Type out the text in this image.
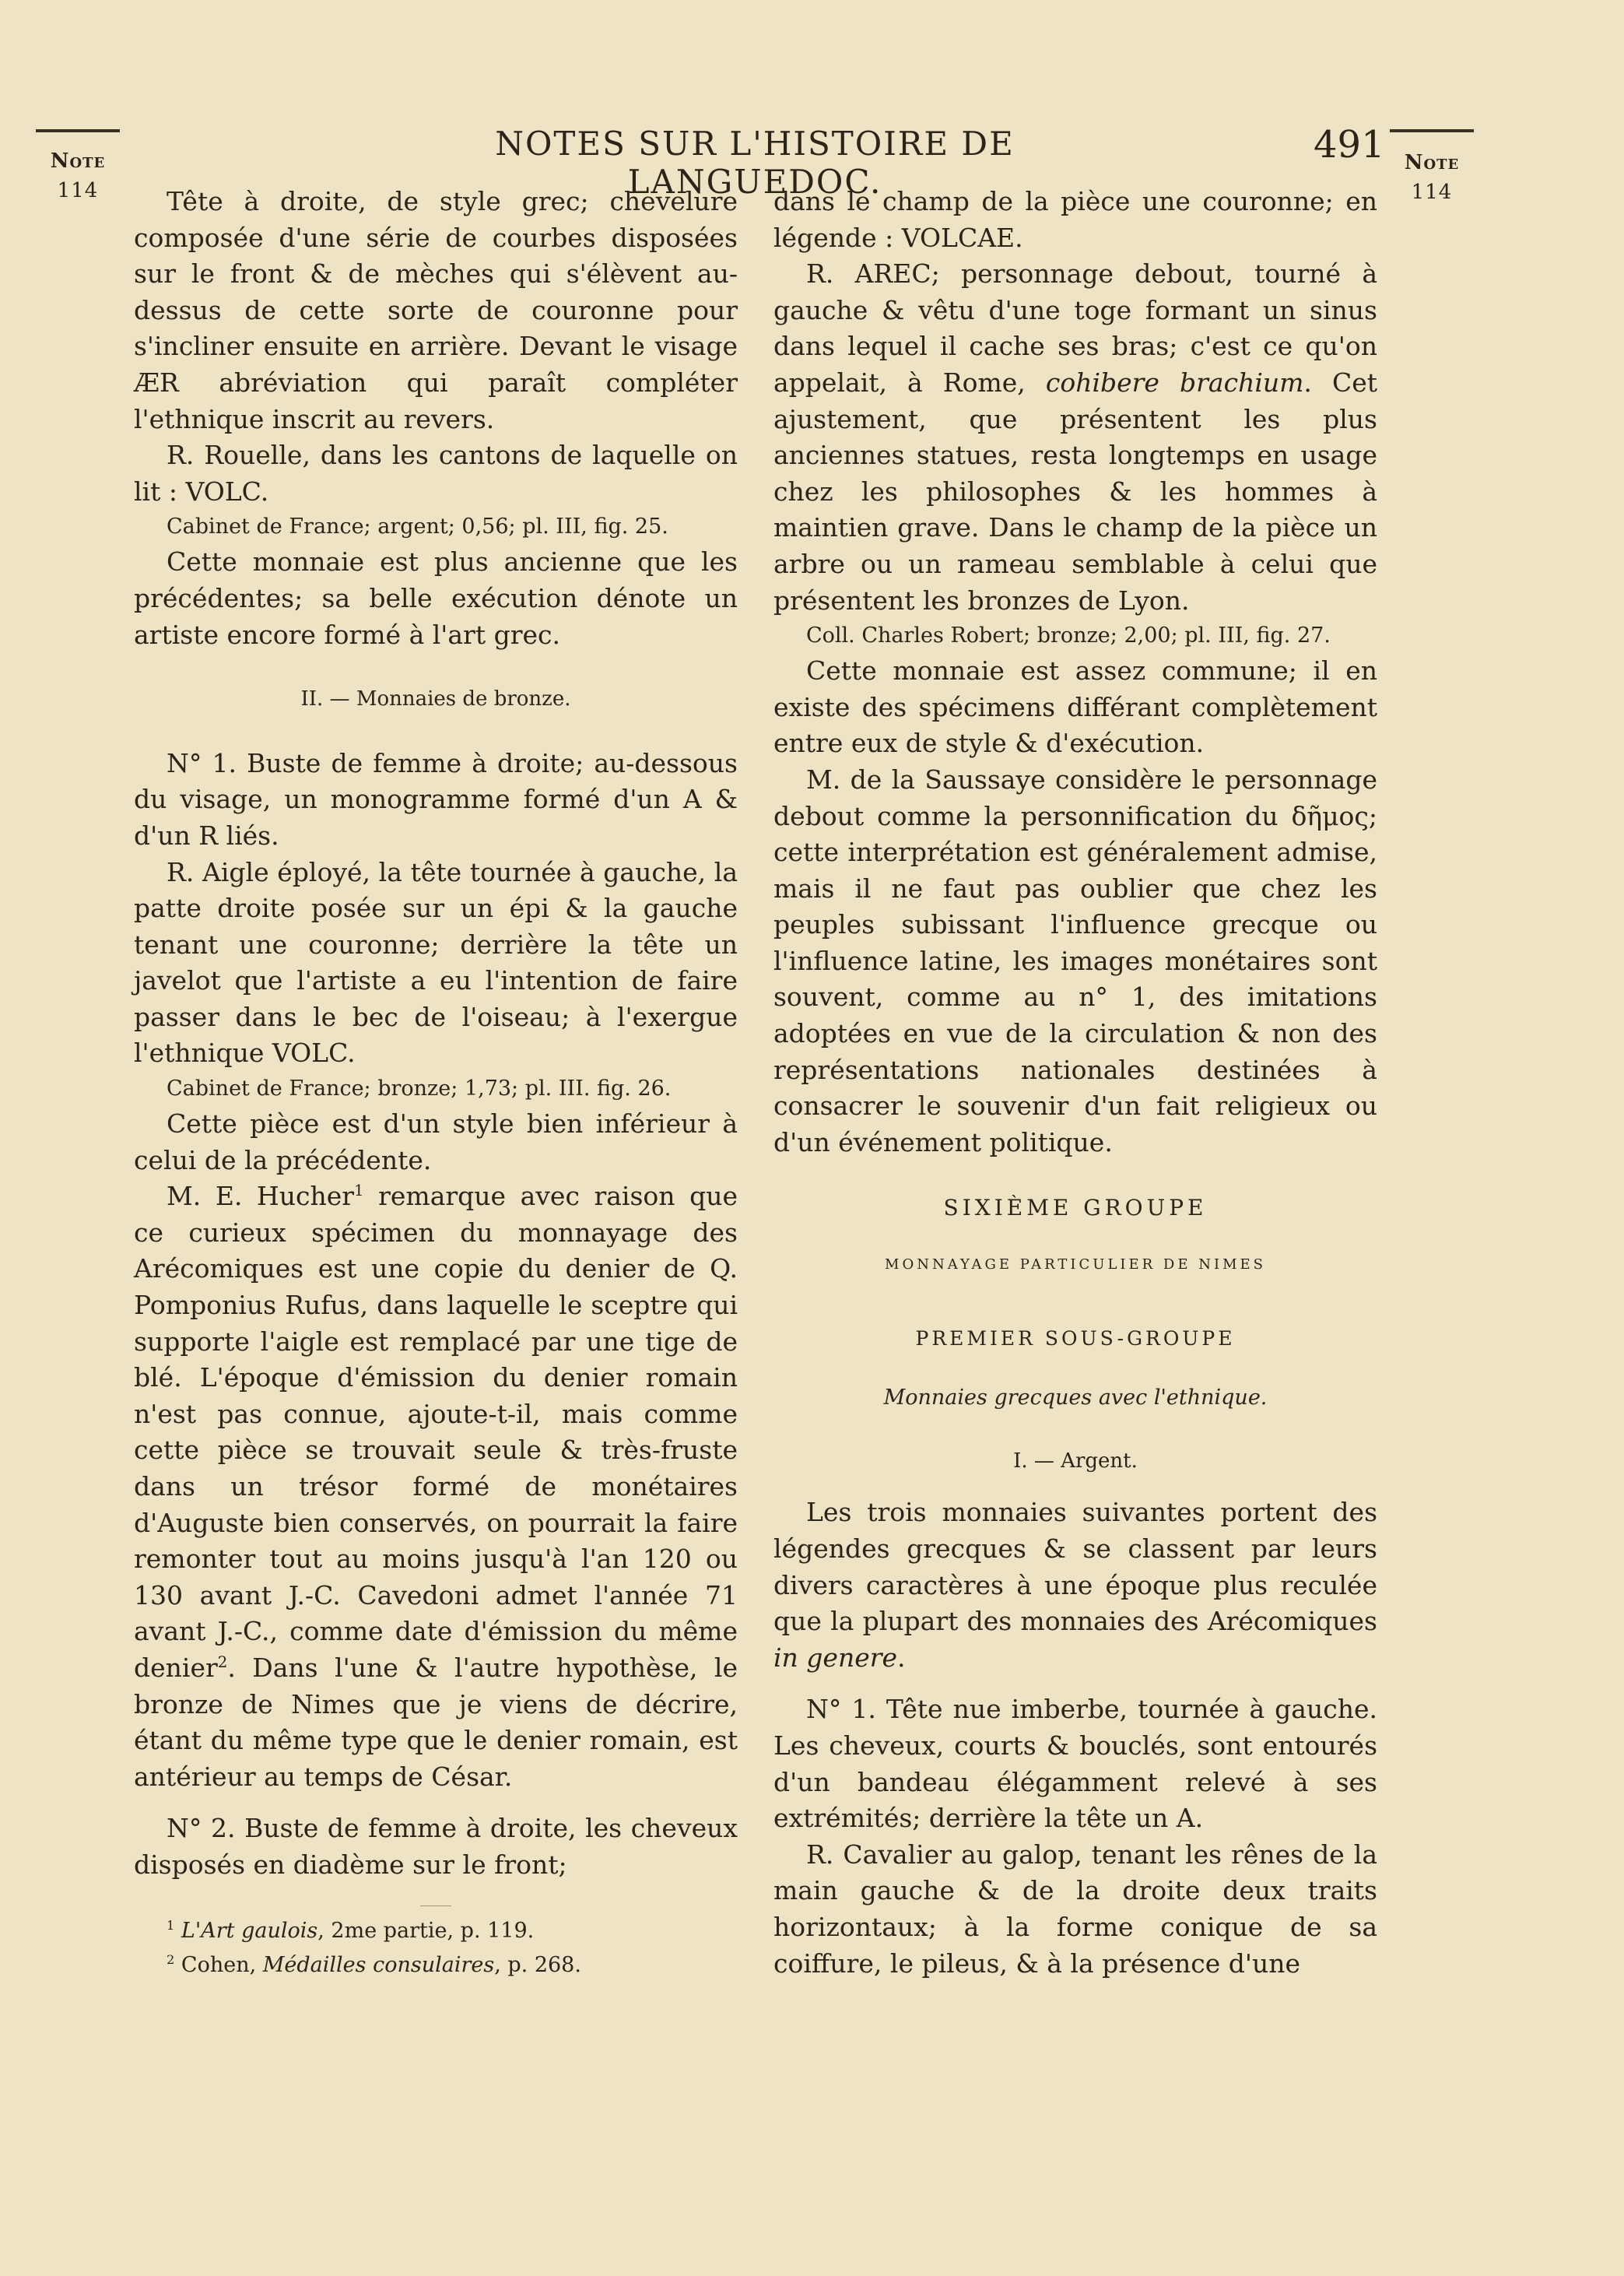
Note
114
NOTES SUR L'HISTOIRE DE LANGUEDOC.
491 Note
114

Tête à droite, de style grec; chevelure composée d'une série de courbes disposées sur le front & de mèches qui s'élèvent au-dessus de cette sorte de couronne pour s'incliner ensuite en arrière. Devant le visage ÆR abréviation qui paraît compléter l'ethnique inscrit au revers.

R. Rouelle, dans les cantons de laquelle on lit : VOLC.

Cabinet de France; argent; 0,56; pl. III, fig. 25.

Cette monnaie est plus ancienne que les précédentes; sa belle exécution dénote un artiste encore formé à l'art grec.

II. — Monnaies de bronze.

N° 1. Buste de femme à droite; au-dessous du visage, un monogramme formé d'un A & d'un R liés.

R. Aigle éployé, la tête tournée à gauche, la patte droite posée sur un épi & la gauche tenant une couronne; derrière la tête un javelot que l'artiste a eu l'intention de faire passer dans le bec de l'oiseau; à l'exergue l'ethnique VOLC.

Cabinet de France; bronze; 1,73; pl. III. fig. 26.

Cette pièce est d'un style bien inférieur à celui de la précédente.

M. E. Hucher$^1$ remarque avec raison que ce curieux spécimen du monnayage des Arécomiques est une copie du denier de Q. Pomponius Rufus, dans laquelle le sceptre qui supporte l'aigle est remplacé par une tige de blé. L'époque d'émission du denier romain n'est pas connue, ajoute-t-il, mais comme cette pièce se trouvait seule & très-fruste dans un trésor formé de monétaires d'Auguste bien conservés, on pourrait la faire remonter tout au moins jusqu'à l'an 120 ou 130 avant J.-C. Cavedoni admet l'année 71 avant J.-C., comme date d'émission du même denier$^2$. Dans l'une & l'autre hypothèse, le bronze de Nimes que je viens de décrire, étant du même type que le denier romain, est antérieur au temps de César.

N° 2. Buste de femme à droite, les cheveux disposés en diadème sur le front;

$^1$ L'Art gaulois, 2me partie, p. 119.

$^2$ Cohen, Médailles consulaires, p. 268.

dans le champ de la pièce une couronne; en légende : VOLCAE.

R. AREC; personnage debout, tourné à gauche & vêtu d'une toge formant un sinus dans lequel il cache ses bras; c'est ce qu'on appelait, à Rome, cohibere brachium. Cet ajustement, que présentent les plus anciennes statues, resta longtemps en usage chez les philosophes & les hommes à maintien grave. Dans le champ de la pièce un arbre ou un rameau semblable à celui que présentent les bronzes de Lyon.

Coll. Charles Robert; bronze; 2,00; pl. III, fig. 27.

Cette monnaie est assez commune; il en existe des spécimens différant complètement entre eux de style & d'exécution.

M. de la Saussaye considère le personnage debout comme la personnification du δῆμος; cette interprétation est généralement admise, mais il ne faut pas oublier que chez les peuples subissant l'influence grecque ou l'influence latine, les images monétaires sont souvent, comme au n° 1, des imitations adoptées en vue de la circulation & non des représentations nationales destinées à consacrer le souvenir d'un fait religieux ou d'un événement politique.

SIXIÈME GROUPE

MONNAYAGE PARTICULIER DE NIMES

PREMIER SOUS-GROUPE

Monnaies grecques avec l'ethnique.

I. — Argent.

Les trois monnaies suivantes portent des légendes grecques & se classent par leurs divers caractères à une époque plus reculée que la plupart des monnaies des Arécomiques in genere.

N° 1. Tête nue imberbe, tournée à gauche. Les cheveux, courts & bouclés, sont entourés d'un bandeau élégamment relevé à ses extrémités; derrière la tête un A.

R. Cavalier au galop, tenant les rênes de la main gauche & de la droite deux traits horizontaux; à la forme conique de sa coiffure, le pileus, & à la présence d'une
